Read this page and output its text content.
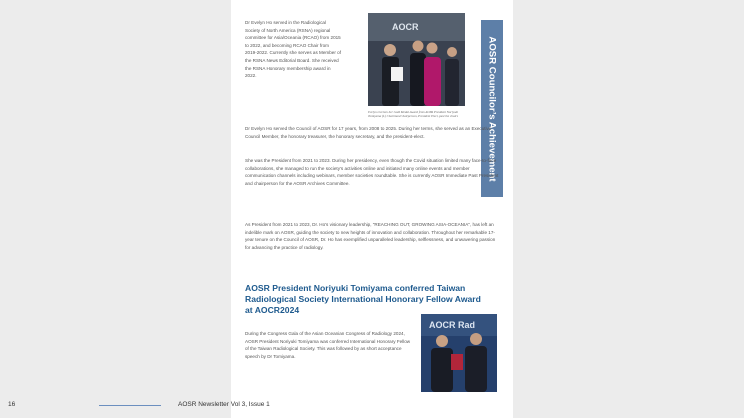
Dr Evelyn Ho served in the Radiological Society of North America (RSNA) regional committee for Asia/Oceania (RCAO) from 2015 to 2022, and becoming RCAO Chair from 2019-2022. Currently she serves as Member of the RSNA News Editorial Board. She received the RSNA Honorary membership award in 2022.

AOCR

Evelyn receives her Gold Medal Award from AOSR President Noriyuki Tomiyama (L) Chairman/Chairperson, President Elect, past the chairs	AOSR Councilor’s Achievement

Dr Evelyn Ho served the Council of AOSR for 17 years, from 2008 to 2025. During her terms, she served as an Executive Council Member, the honorary treasurer, the honorary secretary, and the president-elect.

She was the President from 2021 to 2023. During her presidency, even though the Covid situation limited many face-to-face collaborations, she managed to run the society's activities online and initiated many online events and member communication channels including webinars, member societies roundtable. She is currently AOSR Immediate Past President and chairperson for the AOSR Archives Committee.

As President from 2021 to 2023, Dr. Ho's visionary leadership, "REACHING OUT, GROWING ASIA-OCEANIA", has left an indelible mark on AOSR, guiding the society to new heights of innovation and collaboration. Throughout her remarkable 17-year tenure on the Council of AOSR, Dr. Ho has exemplified unparalleled leadership, selflessness, and unwavering passion for advancing the practice of radiology.

AOSR President Noriyuki Tomiyama conferred Taiwan Radiological Society International Honorary Fellow Award at AOCR2024

During the Congress Gala of the Asian Oceanian Congress of Radiology 2024, AOSR President Noriyuki Tomiyama was conferred International Honorary Fellow of the Taiwan Radiological Society. This was followed by as short acceptance speech by Dr Tomiyama.

AOCR Rad

16	AOSR Newsletter Vol 3, Issue 1
